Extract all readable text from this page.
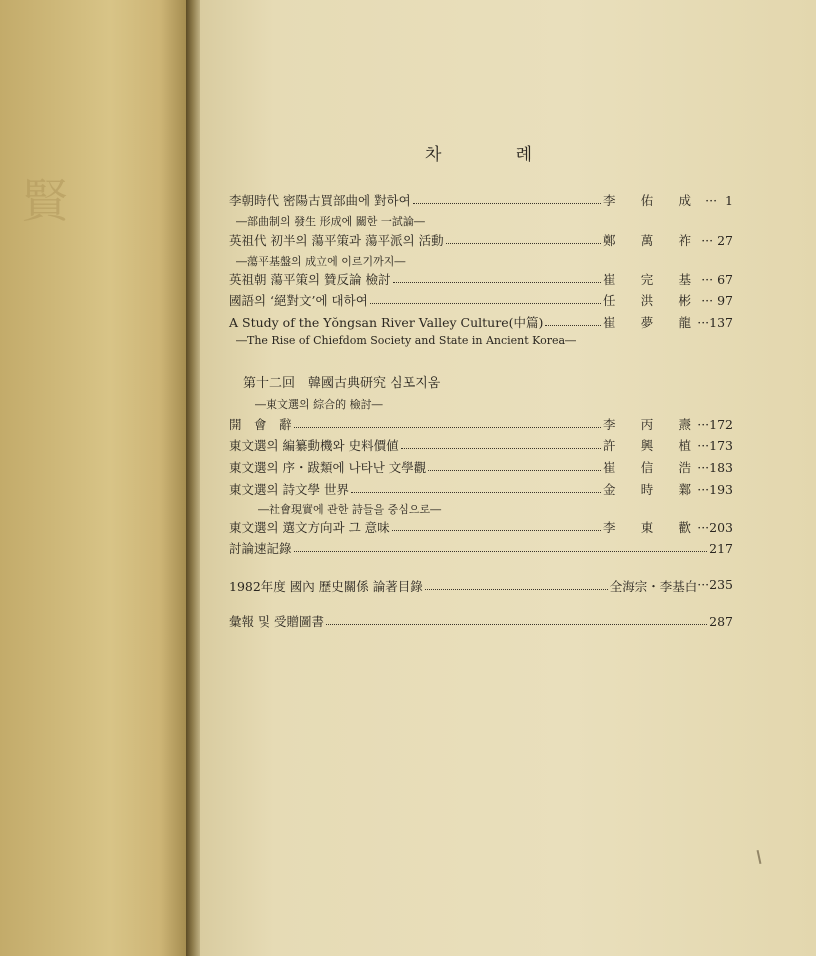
賢
차	례
李朝時代 密陽古買部曲에 對하여	李 佑 成	···  1
英祖代 初半의 蕩平策과 蕩平派의 活動	鄭 萬 祚 ··· 27
英祖朝 蕩平策의 贊反論 檢討	崔 完 基 ··· 67
國語의 ‘絕對文’에 대하여	任 洪 彬 ··· 97
A Study of the Yŏngsan River Valley Culture(中篇)	崔 夢 龍 ···137
開　會　辭	李 丙 燾 ···172
東文選의 編纂動機와 史料價値	許 興 植 ···173
東文選의 序・跋類에 나타난 文學觀	崔 信 浩 ···183
東文選의 詩文學 世界	金 時 鄴 ···193
東文選의 選文方向과 그 意味	李 東 歡 ···203
討論速記錄	217
1982年度 國內 歷史關係 論著目錄	全海宗・李基白 ··· 235
彙報 및 受贈圖書	287
―部曲制의 發生 形成에 關한 一試論―
―蕩平基盤의 成立에 이르기까지―
―The Rise of Chiefdom Society and State in Ancient Korea―
―東文選의 綜合的 檢討―
―社會現實에 관한 詩들을 중심으로―
第十二回　韓國古典研究 심포지움
